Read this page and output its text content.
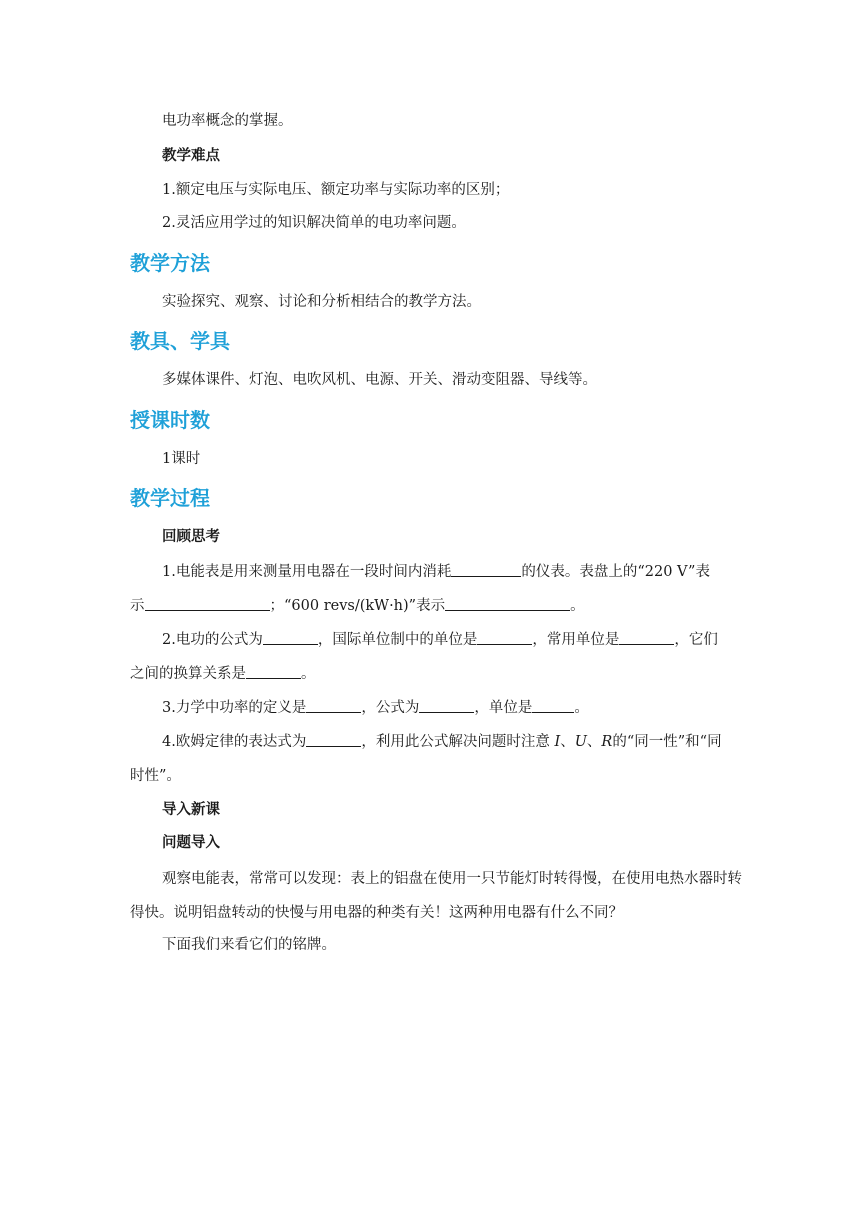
电功率概念的掌握。

教学难点

1.额定电压与实际电压、额定功率与实际功率的区别；

2.灵活应用学过的知识解决简单的电功率问题。

教学方法

实验探究、观察、讨论和分析相结合的教学方法。

教具、学具

多媒体课件、灯泡、电吹风机、电源、开关、滑动变阻器、导线等。

授课时数

1课时

教学过程

回顾思考

1.电能表是用来测量用电器在一段时间内消耗	的仪表。表盘上的“220 V”表

示	；“600 revs/(kW·h)”表示	。

2.电功的公式为	，国际单位制中的单位是	，常用单位是	，它们

之间的换算关系是	。

3.力学中功率的定义是	，公式为	，单位是	。

4.欧姆定律的表达式为	，利用此公式解决问题时注意 I、U、R的“同一性”和“同

时性”。

导入新课

问题导入

观察电能表，常常可以发现：表上的铝盘在使用一只节能灯时转得慢，在使用电热水器时转得快。说明铝盘转动的快慢与用电器的种类有关！这两种用电器有什么不同？

下面我们来看它们的铭牌。
